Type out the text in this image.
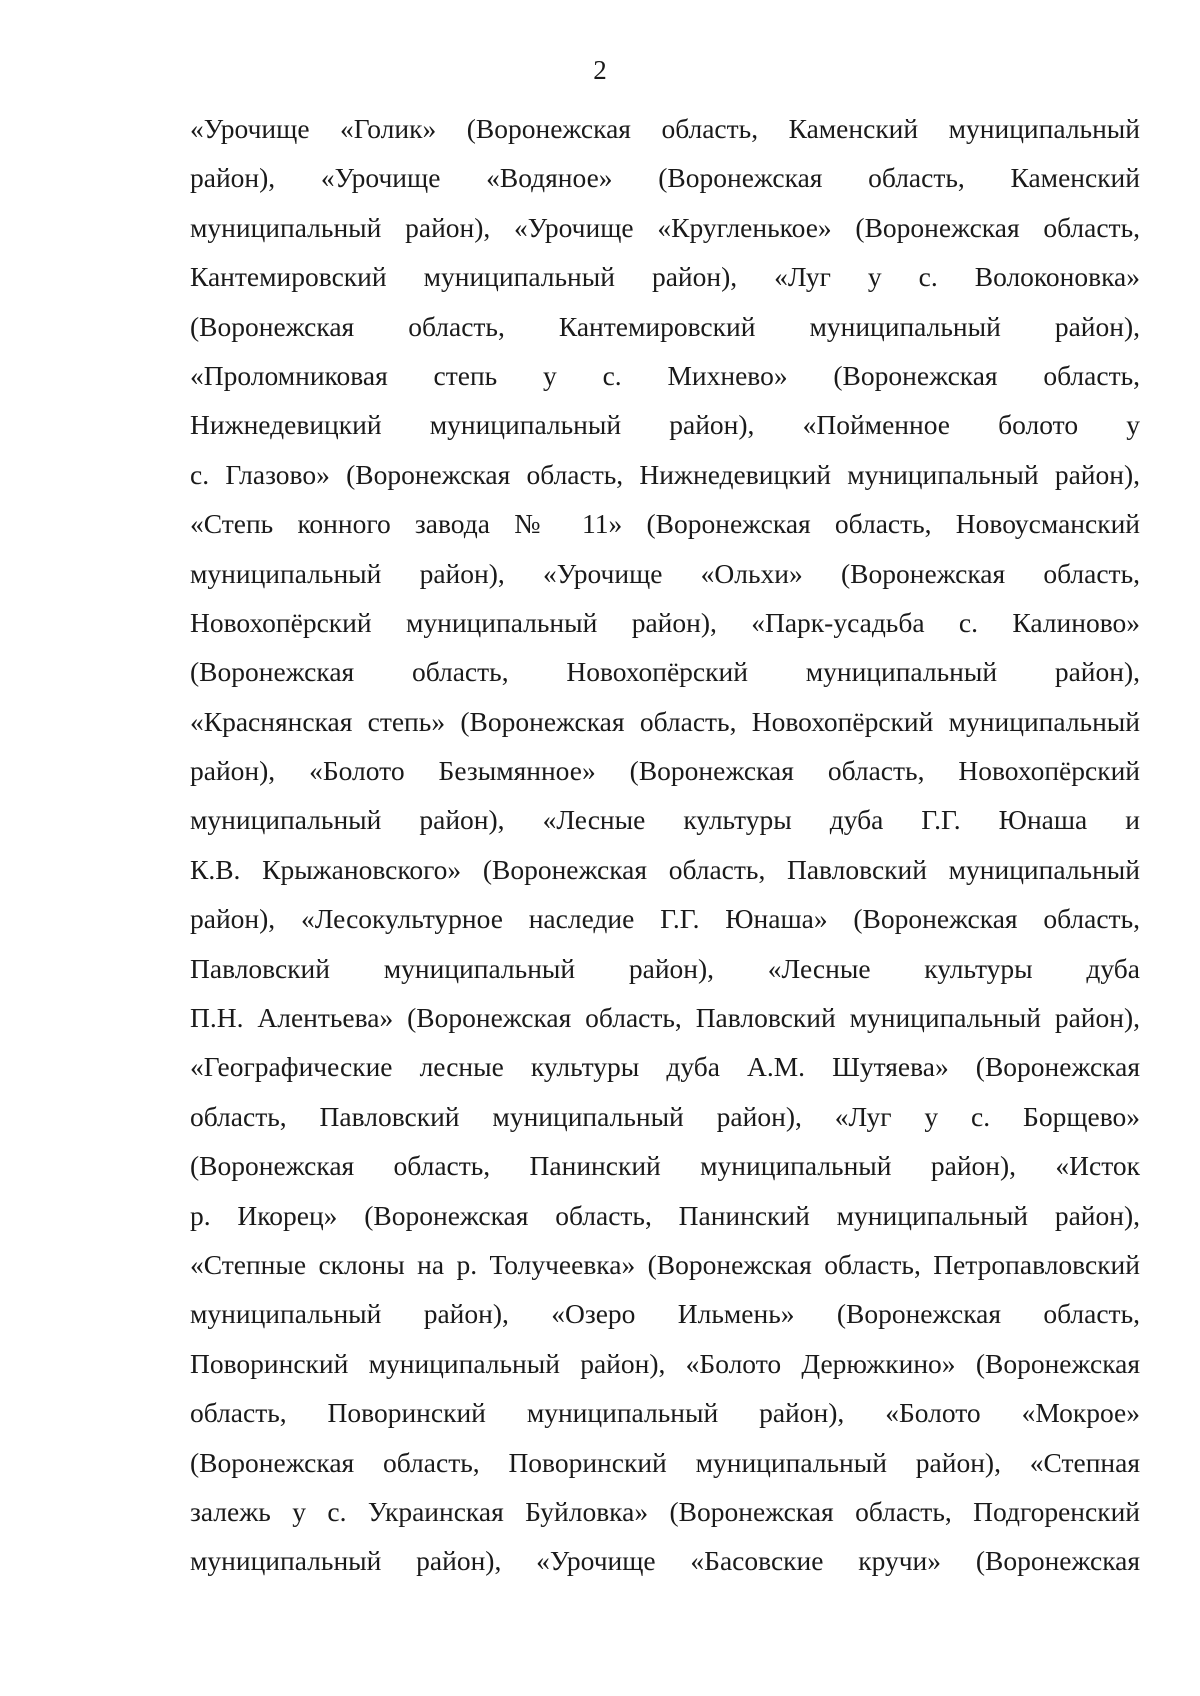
2
«Урочище «Голик» (Воронежская область, Каменский муниципальный
район), «Урочище «Водяное» (Воронежская область, Каменский
муниципальный район), «Урочище «Кругленькое» (Воронежская область,
Кантемировский муниципальный район), «Луг у с. Волоконовка»
(Воронежская область, Кантемировский муниципальный район),
«Проломниковая степь у с. Михнево» (Воронежская область,
Нижнедевицкий муниципальный район), «Пойменное болото у
с. Глазово» (Воронежская область, Нижнедевицкий муниципальный район),
«Степь конного завода № 11» (Воронежская область, Новоусманский
муниципальный район), «Урочище «Ольхи» (Воронежская область,
Новохопёрский муниципальный район), «Парк-усадьба с. Калиново»
(Воронежская область, Новохопёрский муниципальный район),
«Краснянская степь» (Воронежская область, Новохопёрский муниципальный
район), «Болото Безымянное» (Воронежская область, Новохопёрский
муниципальный район), «Лесные культуры дуба Г.Г. Юнаша и
К.В. Крыжановского» (Воронежская область, Павловский муниципальный
район), «Лесокультурное наследие Г.Г. Юнаша» (Воронежская область,
Павловский муниципальный район), «Лесные культуры дуба
П.Н. Алентьева» (Воронежская область, Павловский муниципальный район),
«Географические лесные культуры дуба А.М. Шутяева» (Воронежская
область, Павловский муниципальный район), «Луг у с. Борщево»
(Воронежская область, Панинский муниципальный район), «Исток
р. Икорец» (Воронежская область, Панинский муниципальный район),
«Степные склоны на р. Толучеевка» (Воронежская область, Петропавловский
муниципальный район), «Озеро Ильмень» (Воронежская область,
Поворинский муниципальный район), «Болото Дерюжкино» (Воронежская
область, Поворинский муниципальный район), «Болото «Мокрое»
(Воронежская область, Поворинский муниципальный район), «Степная
залежь у с. Украинская Буйловка» (Воронежская область, Подгоренский
муниципальный район), «Урочище «Басовские кручи» (Воронежская
